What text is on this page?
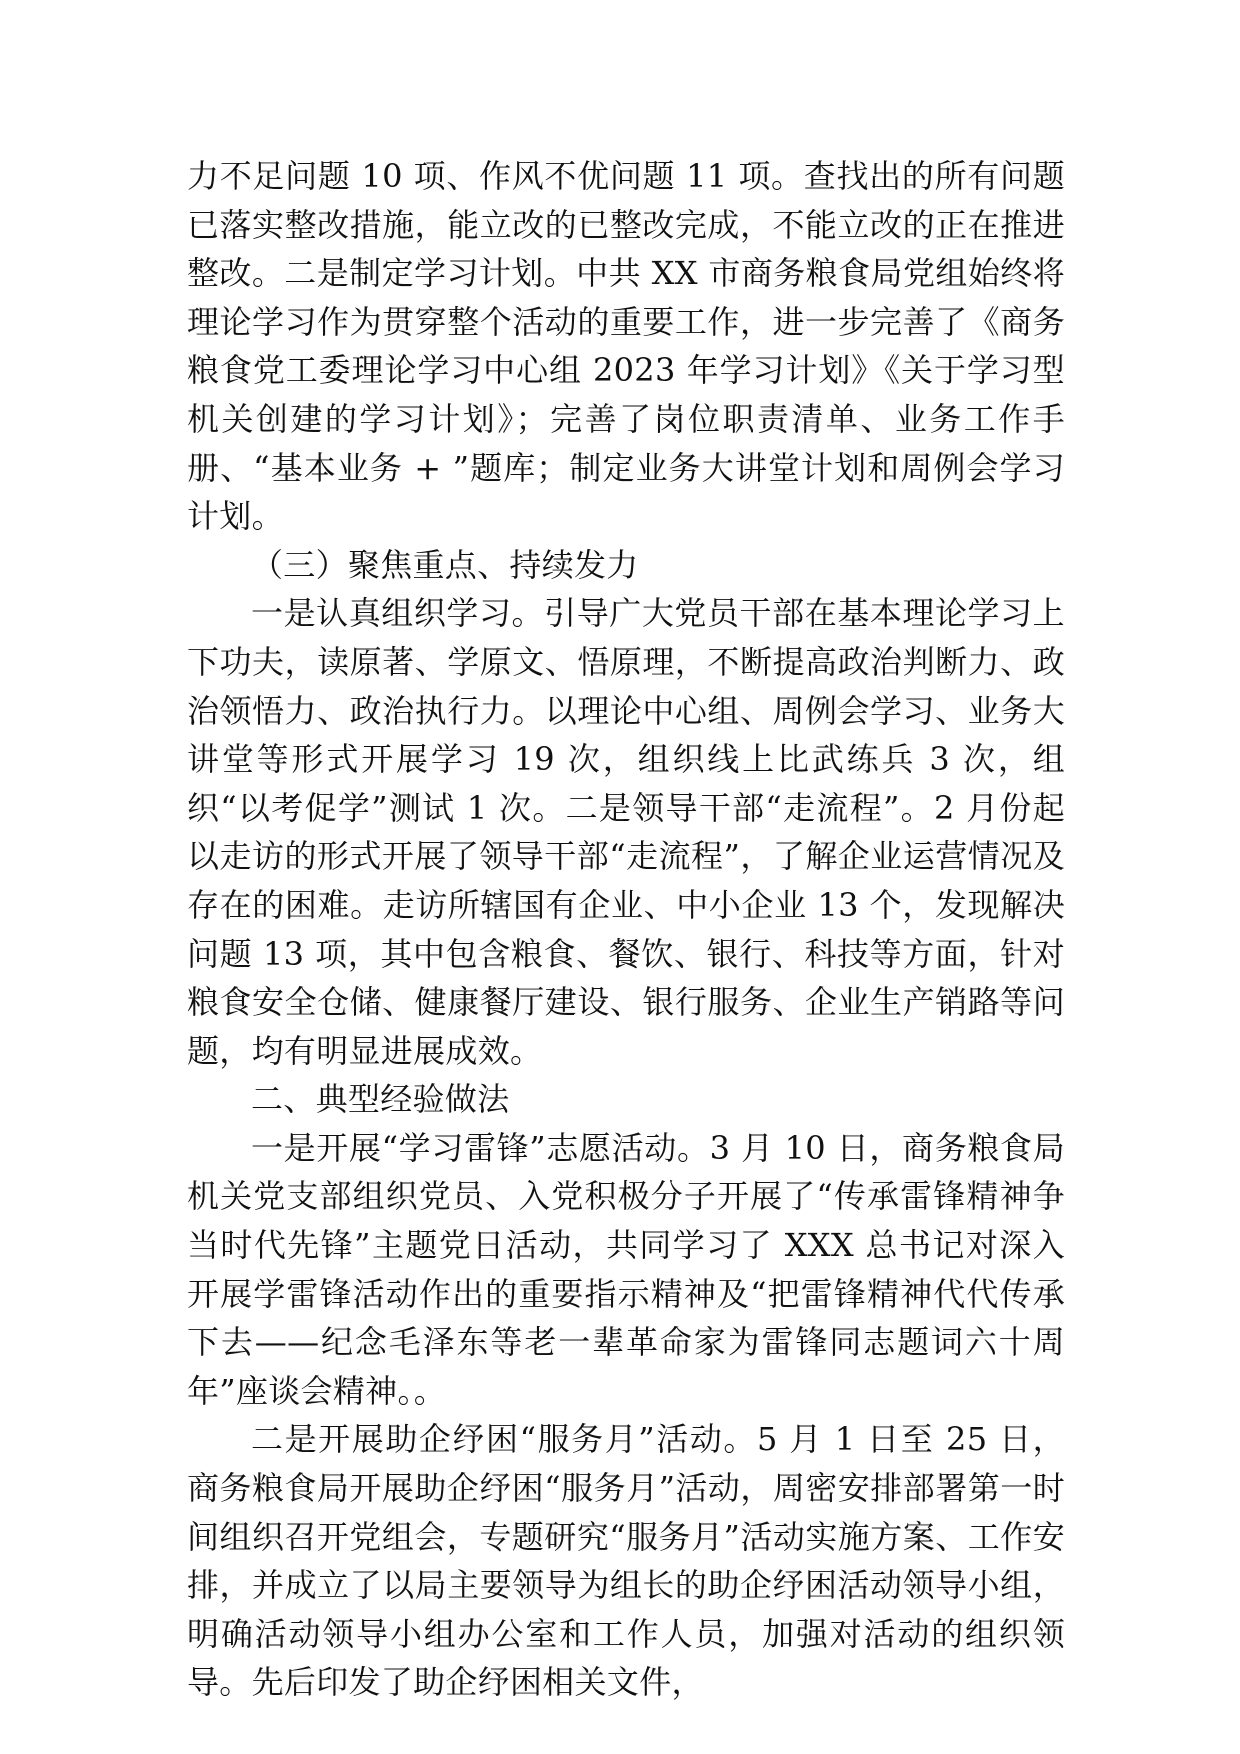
力不足问题 10 项、作风不优问题 11 项。查找出的所有问题已落实整改措施，能立改的已整改完成，不能立改的正在推进整改。二是制定学习计划。中共 XX 市商务粮食局党组始终将理论学习作为贯穿整个活动的重要工作，进一步完善了《商务粮食党工委理论学习中心组 2023 年学习计划》《关于学习型机关创建的学习计划》；完善了岗位职责清单、业务工作手册、“基本业务 + ”题库；制定业务大讲堂计划和周例会学习计划。

（三）聚焦重点、持续发力

一是认真组织学习。引导广大党员干部在基本理论学习上下功夫，读原著、学原文、悟原理，不断提高政治判断力、政治领悟力、政治执行力。以理论中心组、周例会学习、业务大讲堂等形式开展学习 19 次，组织线上比武练兵 3 次，组织“以考促学”测试 1 次。二是领导干部“走流程”。2 月份起以走访的形式开展了领导干部“走流程”，了解企业运营情况及存在的困难。走访所辖国有企业、中小企业 13 个，发现解决问题 13 项，其中包含粮食、餐饮、银行、科技等方面，针对粮食安全仓储、健康餐厅建设、银行服务、企业生产销路等问题，均有明显进展成效。

二、典型经验做法

一是开展“学习雷锋”志愿活动。3 月 10 日，商务粮食局机关党支部组织党员、入党积极分子开展了“传承雷锋精神争当时代先锋”主题党日活动，共同学习了 XXX 总书记对深入开展学雷锋活动作出的重要指示精神及“把雷锋精神代代传承下去——纪念毛泽东等老一辈革命家为雷锋同志题词六十周年”座谈会精神。。

二是开展助企纾困“服务月”活动。5 月 1 日至 25 日，商务粮食局开展助企纾困“服务月”活动，周密安排部署第一时间组织召开党组会，专题研究“服务月”活动实施方案、工作安排，并成立了以局主要领导为组长的助企纾困活动领导小组，明确活动领导小组办公室和工作人员，加强对活动的组织领导。先后印发了助企纾困相关文件，
